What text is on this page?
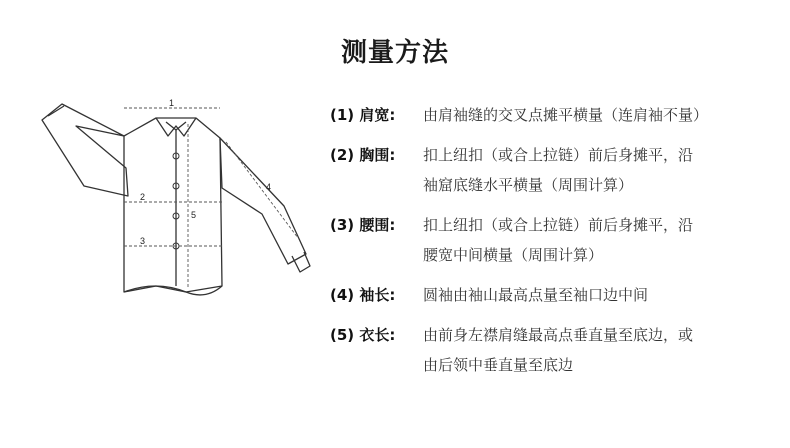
测量方法
1
2
3
4
5
(1) 肩宽:	由肩袖缝的交叉点摊平横量（连肩袖不量）
(2) 胸围:	扣上纽扣（或合上拉链）前后身摊平，沿
袖窟底缝水平横量（周围计算）
(3) 腰围:	扣上纽扣（或合上拉链）前后身摊平，沿
腰宽中间横量（周围计算）
(4) 袖长:	圆袖由袖山最高点量至袖口边中间
(5) 衣长:	由前身左襟肩缝最高点垂直量至底边，或
由后领中垂直量至底边
